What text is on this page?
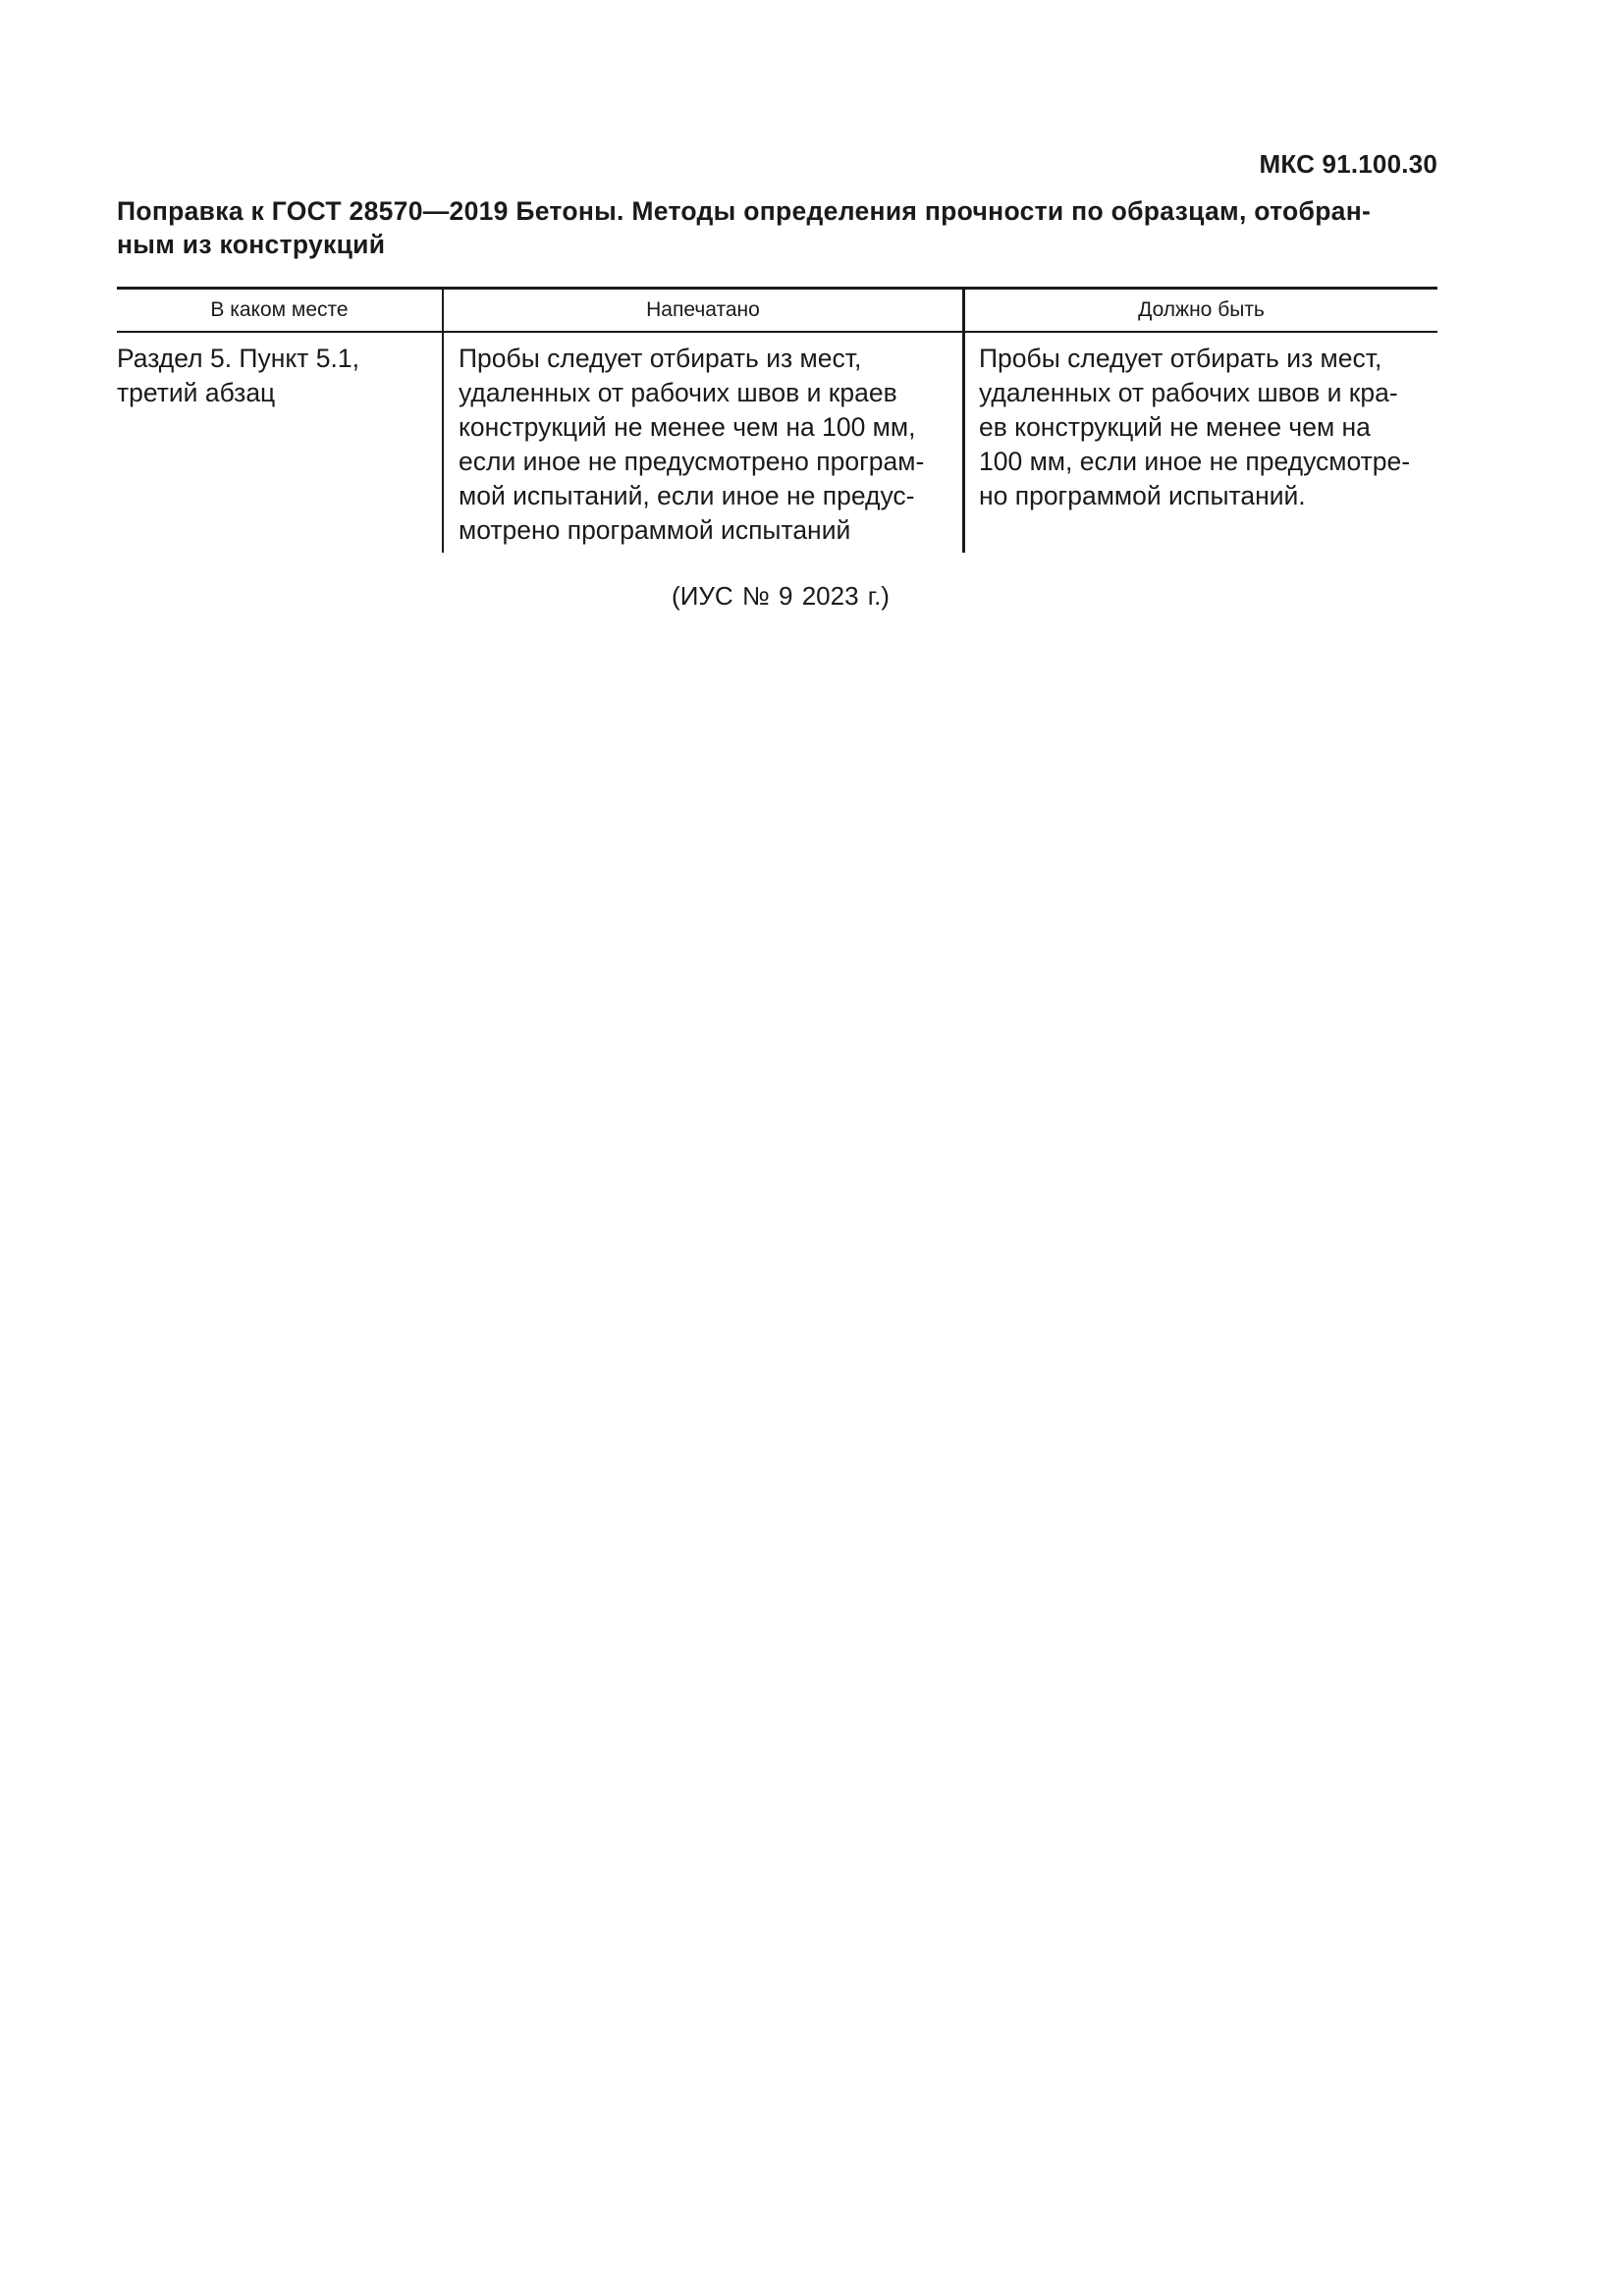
МКС 91.100.30
Поправка к ГОСТ 28570—2019 Бетоны. Методы определения прочности по образцам, отобран-
ным из конструкций
В каком месте	Напечатано	Должно быть
Раздел 5. Пункт 5.1,
третий абзац
Пробы следует отбирать из мест,
удаленных от рабочих швов и краев
конструкций не менее чем на 100 мм,
если иное не предусмотрено програм-
мой испытаний, если иное не предус-
мотрено программой испытаний
Пробы следует отбирать из мест,
удаленных от рабочих швов и кра-
ев конструкций не менее чем на
100 мм, если иное не предусмотре-
но программой испытаний.
(ИУС № 9 2023 г.)
